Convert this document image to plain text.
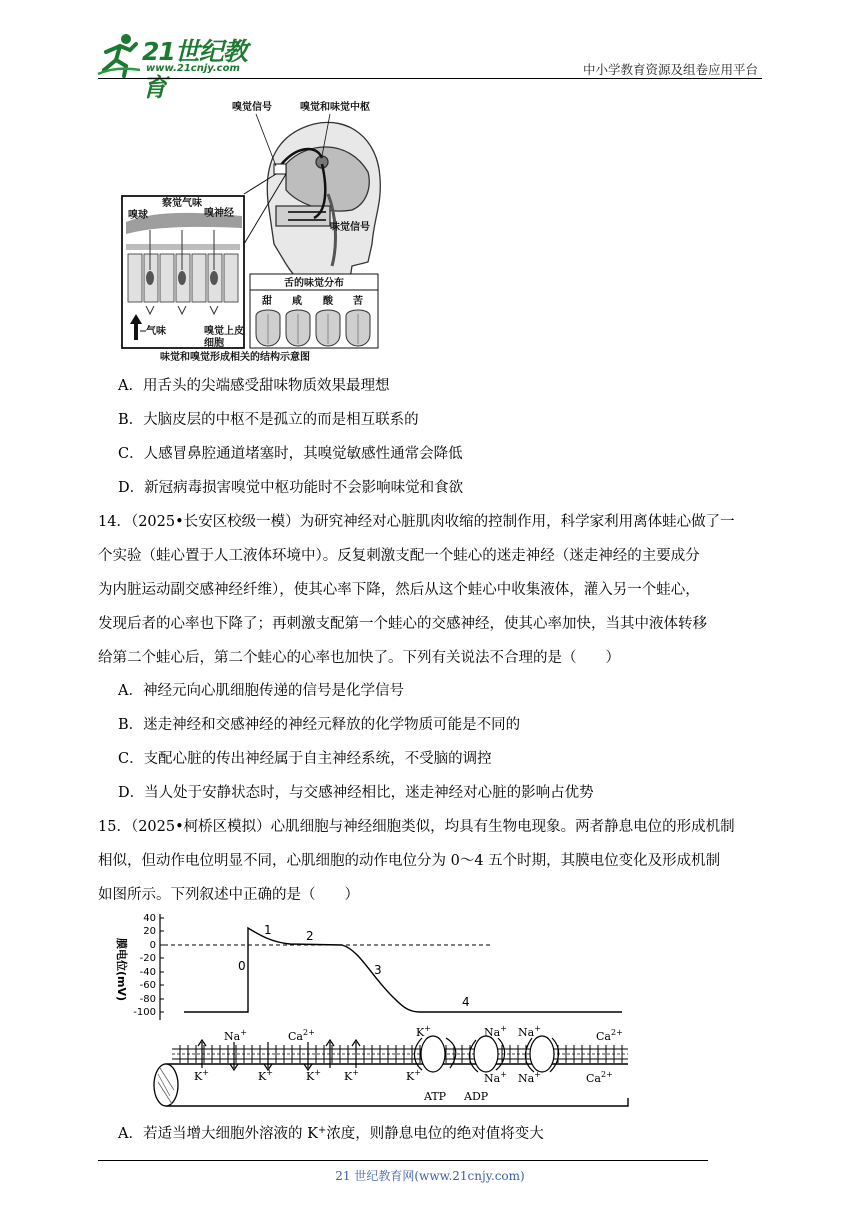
21世纪教育
www.21cnjy.com	中小学教育资源及组卷应用平台
嗅觉信号	嗅觉和味觉中枢
味觉信号
察觉气味
嗅球	嗅神经
气味	嗅觉上皮
细胞
舌的味觉分布
甜 咸 酸 苦
味觉和嗅觉形成相关的结构示意图
A．用舌头的尖端感受甜味物质效果最理想
B．大脑皮层的中枢不是孤立的而是相互联系的
C．人感冒鼻腔通道堵塞时，其嗅觉敏感性通常会降低
D．新冠病毒损害嗅觉中枢功能时不会影响味觉和食欲
14．（2025•长安区校级一模）为研究神经对心脏肌肉收缩的控制作用，科学家利用离体蛙心做了一
个实验（蛙心置于人工液体环境中）。反复刺激支配一个蛙心的迷走神经（迷走神经的主要成分
为内脏运动副交感神经纤维），使其心率下降，然后从这个蛙心中收集液体，灌入另一个蛙心，
发现后者的心率也下降了；再刺激支配第一个蛙心的交感神经，使其心率加快，当其中液体转移
给第二个蛙心后，第二个蛙心的心率也加快了。下列有关说法不合理的是（　　）
A．神经元向心肌细胞传递的信号是化学信号
B．迷走神经和交感神经的神经元释放的化学物质可能是不同的
C．支配心脏的传出神经属于自主神经系统，不受脑的调控
D．当人处于安静状态时，与交感神经相比，迷走神经对心脏的影响占优势
15．（2025•柯桥区模拟）心肌细胞与神经细胞类似，均具有生物电现象。两者静息电位的形成机制
相似，但动作电位明显不同，心肌细胞的动作电位分为 0～4 五个时期，其膜电位变化及形成机制
如图所示。下列叙述中正确的是（　　）
40
20
0
-20
-40
-60
-80
-100
膜电位(mV)	0
1	2
3
4
Na+	$Ca^{2+}$	K+	Na+ Na+
$Ca^{2+}$
K+	K+	K+ K+	K+	Na+ Na+	$Ca^{2+}$
ATP ADP
A．若适当增大细胞外溶液的 K+浓度，则静息电位的绝对值将变大
21 世纪教育网(www.21cnjy.com)
